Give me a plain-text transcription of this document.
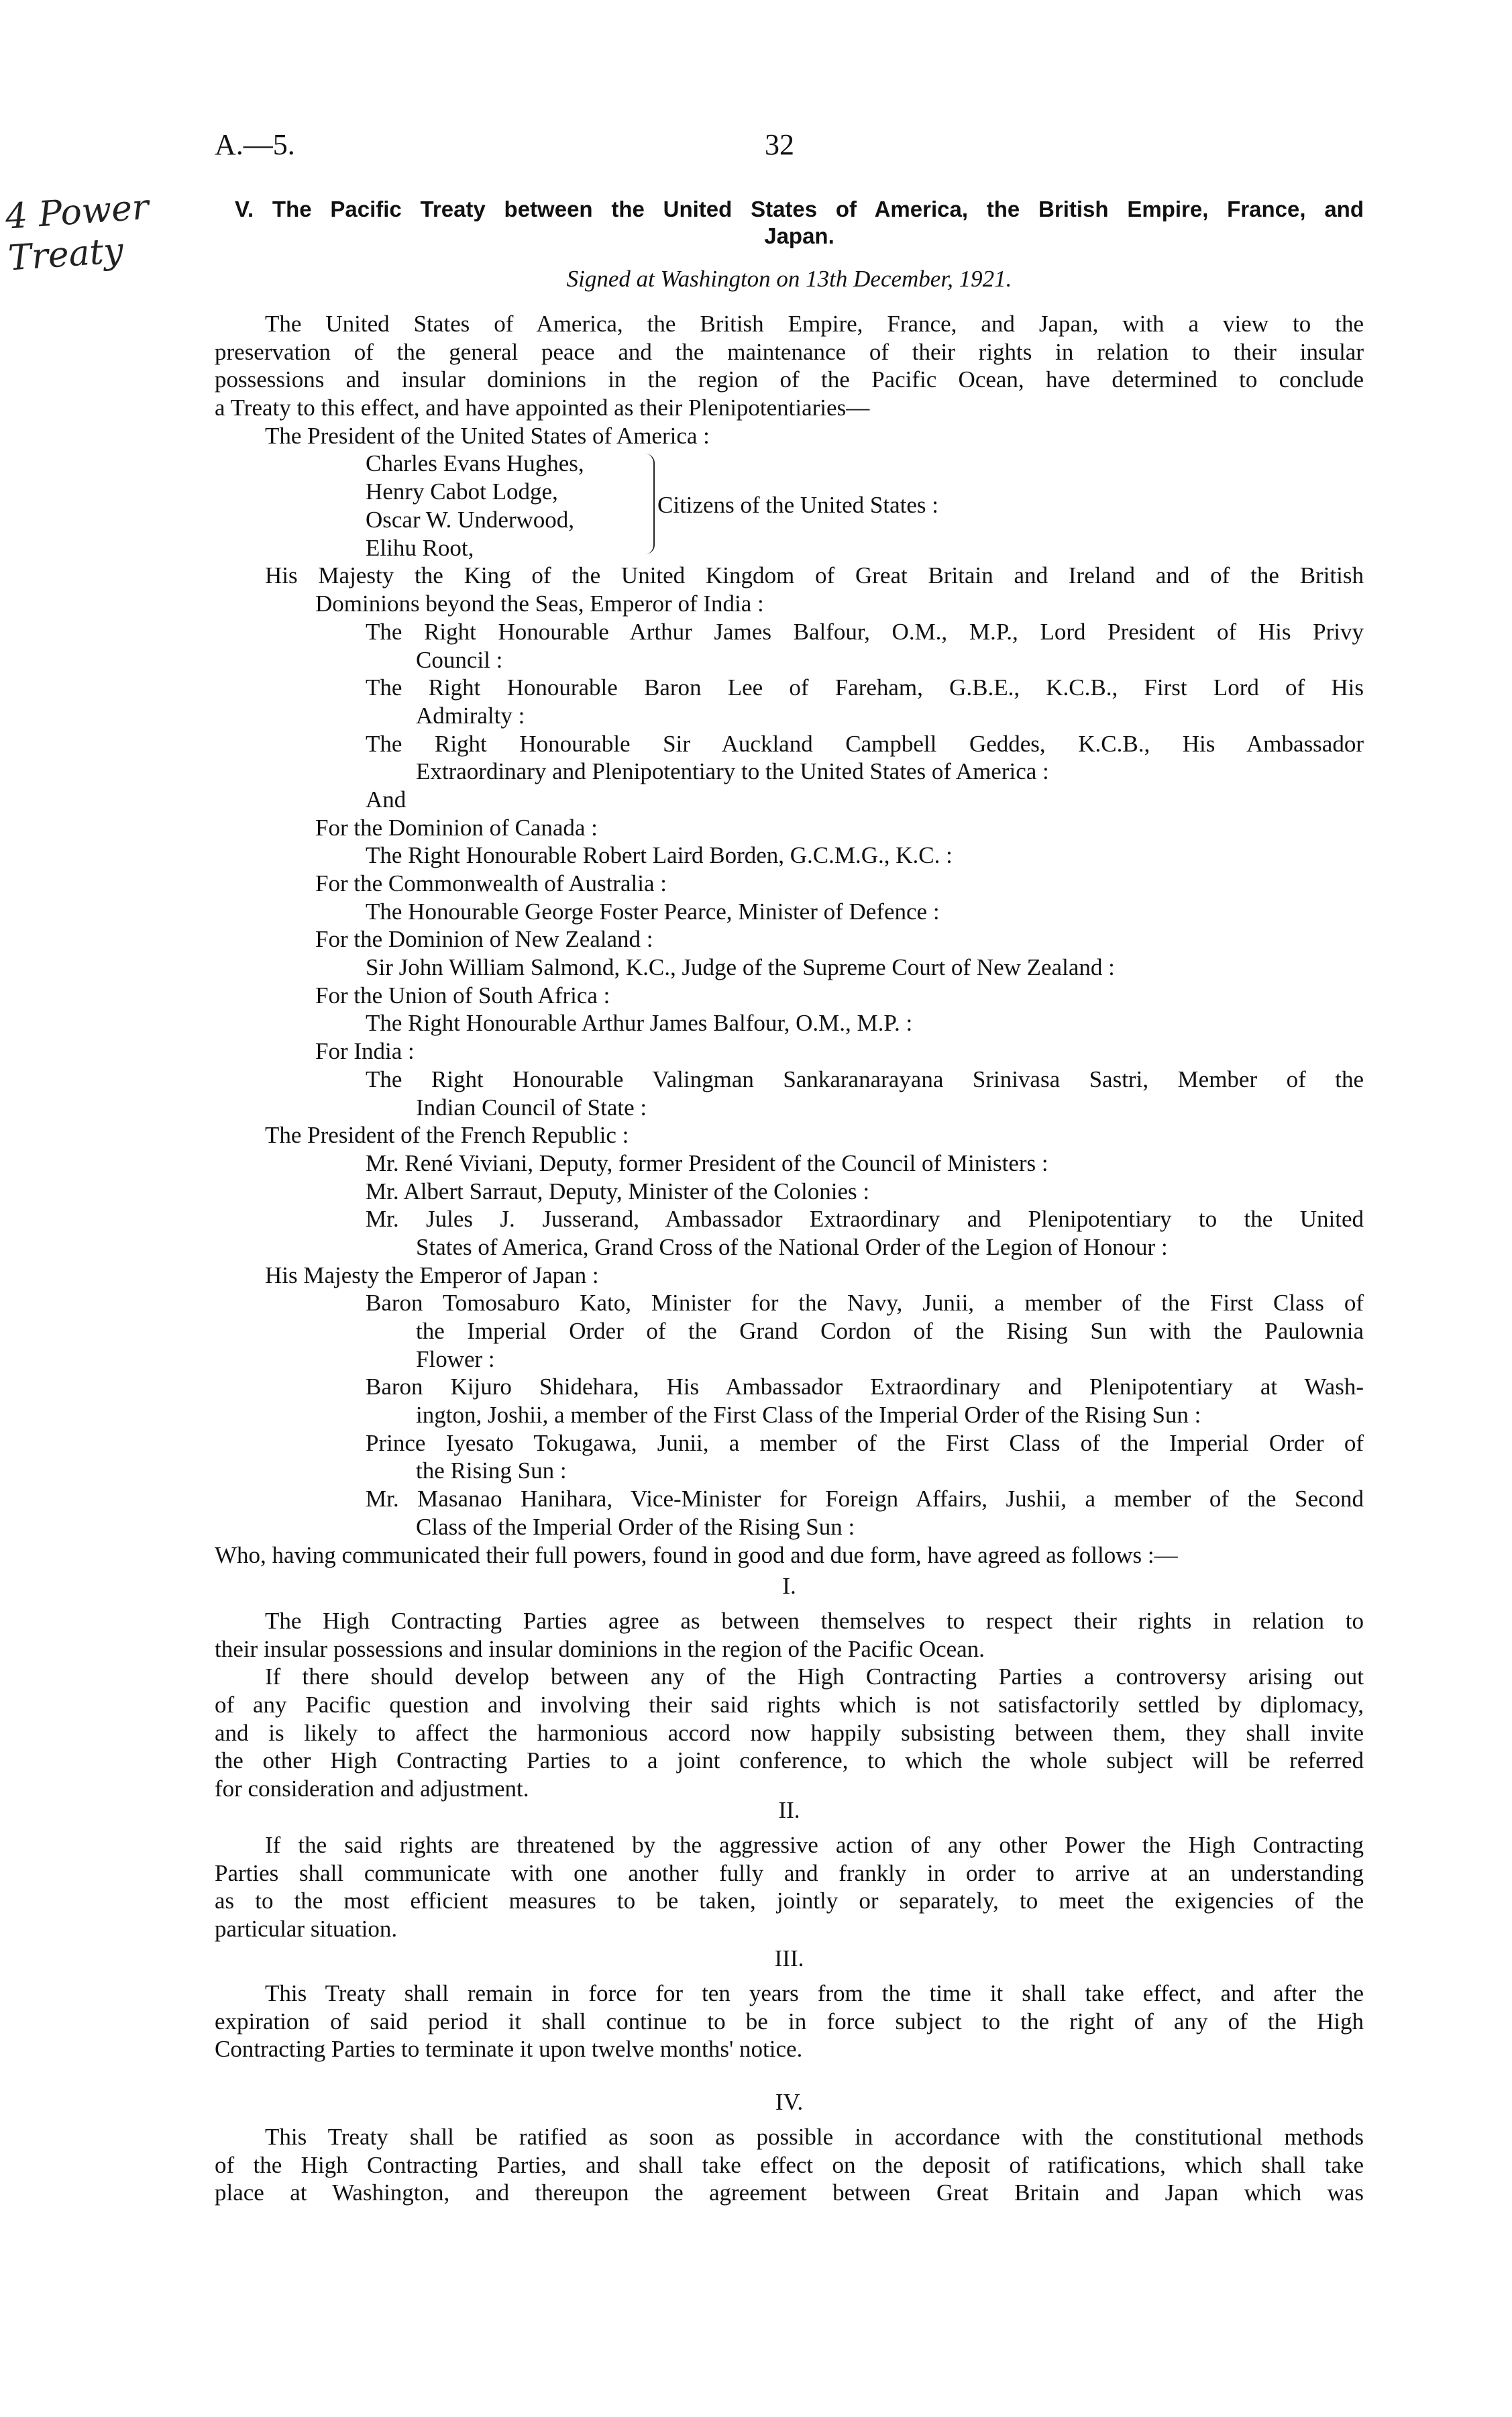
A.—5.	32
4 Power Treaty
V. The Pacific Treaty between the United States of America, the British Empire, France, and
Japan.
Signed at Washington on 13th December, 1921.
The United States of America, the British Empire, France, and Japan, with a view to the
preservation of the general peace and the maintenance of their rights in relation to their insular
possessions and insular dominions in the region of the Pacific Ocean, have determined to conclude
a Treaty to this effect, and have appointed as their Plenipotentiaries—
The President of the United States of America :
Charles Evans Hughes,
Henry Cabot Lodge,
Oscar W. Underwood,
Elihu Root,
Citizens of the United States :
His Majesty the King of the United Kingdom of Great Britain and Ireland and of the British
Dominions beyond the Seas, Emperor of India :
The Right Honourable Arthur James Balfour, O.M., M.P., Lord President of His Privy
Council :
The Right Honourable Baron Lee of Fareham, G.B.E., K.C.B., First Lord of His
Admiralty :
The Right Honourable Sir Auckland Campbell Geddes, K.C.B., His Ambassador
Extraordinary and Plenipotentiary to the United States of America :
And
For the Dominion of Canada :
The Right Honourable Robert Laird Borden, G.C.M.G., K.C. :
For the Commonwealth of Australia :
The Honourable George Foster Pearce, Minister of Defence :
For the Dominion of New Zealand :
Sir John William Salmond, K.C., Judge of the Supreme Court of New Zealand :
For the Union of South Africa :
The Right Honourable Arthur James Balfour, O.M., M.P. :
For India :
The Right Honourable Valingman Sankaranarayana Srinivasa Sastri, Member of the
Indian Council of State :
The President of the French Republic :
Mr. René Viviani, Deputy, former President of the Council of Ministers :
Mr. Albert Sarraut, Deputy, Minister of the Colonies :
Mr. Jules J. Jusserand, Ambassador Extraordinary and Plenipotentiary to the United
States of America, Grand Cross of the National Order of the Legion of Honour :
His Majesty the Emperor of Japan :
Baron Tomosaburo Kato, Minister for the Navy, Junii, a member of the First Class of
the Imperial Order of the Grand Cordon of the Rising Sun with the Paulownia
Flower :
Baron Kijuro Shidehara, His Ambassador Extraordinary and Plenipotentiary at Wash-
ington, Joshii, a member of the First Class of the Imperial Order of the Rising Sun :
Prince Iyesato Tokugawa, Junii, a member of the First Class of the Imperial Order of
the Rising Sun :
Mr. Masanao Hanihara, Vice-Minister for Foreign Affairs, Jushii, a member of the Second
Class of the Imperial Order of the Rising Sun :
Who, having communicated their full powers, found in good and due form, have agreed as follows :—
I.
The High Contracting Parties agree as between themselves to respect their rights in relation to
their insular possessions and insular dominions in the region of the Pacific Ocean.
If there should develop between any of the High Contracting Parties a controversy arising out
of any Pacific question and involving their said rights which is not satisfactorily settled by diplomacy,
and is likely to affect the harmonious accord now happily subsisting between them, they shall invite
the other High Contracting Parties to a joint conference, to which the whole subject will be referred
for consideration and adjustment.
II.
If the said rights are threatened by the aggressive action of any other Power the High Contracting
Parties shall communicate with one another fully and frankly in order to arrive at an understanding
as to the most efficient measures to be taken, jointly or separately, to meet the exigencies of the
particular situation.
III.
This Treaty shall remain in force for ten years from the time it shall take effect, and after the
expiration of said period it shall continue to be in force subject to the right of any of the High
Contracting Parties to terminate it upon twelve months' notice.
IV.
This Treaty shall be ratified as soon as possible in accordance with the constitutional methods
of the High Contracting Parties, and shall take effect on the deposit of ratifications, which shall take
place at Washington, and thereupon the agreement between Great Britain and Japan which was
